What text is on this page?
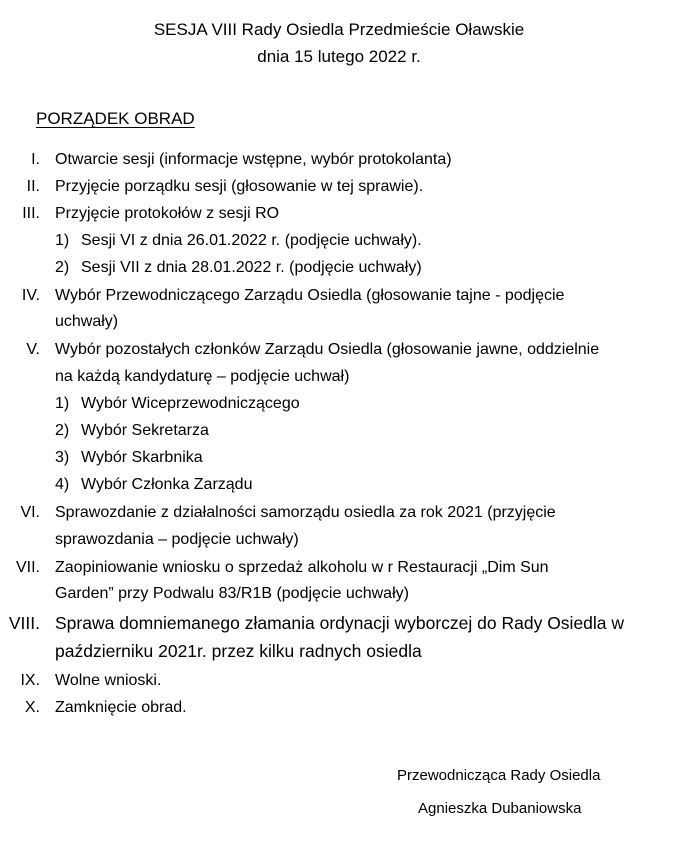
SESJA VIII Rady Osiedla Przedmieście Oławskie
dnia 15 lutego 2022 r.
PORZĄDEK OBRAD
I. Otwarcie sesji (informacje wstępne, wybór protokolanta)
II. Przyjęcie porządku sesji (głosowanie w tej sprawie).
III. Przyjęcie protokołów z sesji RO
1) Sesji VI z dnia 26.01.2022 r. (podjęcie uchwały).
2) Sesji VII z dnia 28.01.2022 r. (podjęcie uchwały)
IV. Wybór Przewodniczącego Zarządu Osiedla (głosowanie tajne - podjęcie
uchwały)
V. Wybór pozostałych członków Zarządu Osiedla (głosowanie jawne, oddzielnie
na każdą kandydaturę – podjęcie uchwał)
1) Wybór Wiceprzewodniczącego
2) Wybór Sekretarza
3) Wybór Skarbnika
4) Wybór Członka Zarządu
VI. Sprawozdanie z działalności samorządu osiedla za rok 2021 (przyjęcie
sprawozdania – podjęcie uchwały)
VII. Zaopiniowanie wniosku o sprzedaż alkoholu w r Restauracji „Dim Sun
Garden” przy Podwalu 83/R1B (podjęcie uchwały)
VIII. Sprawa domniemanego złamania ordynacji wyborczej do Rady Osiedla w
październiku 2021r. przez kilku radnych osiedla
IX. Wolne wnioski.
X. Zamknięcie obrad.
Przewodnicząca Rady Osiedla
Agnieszka Dubaniowska
